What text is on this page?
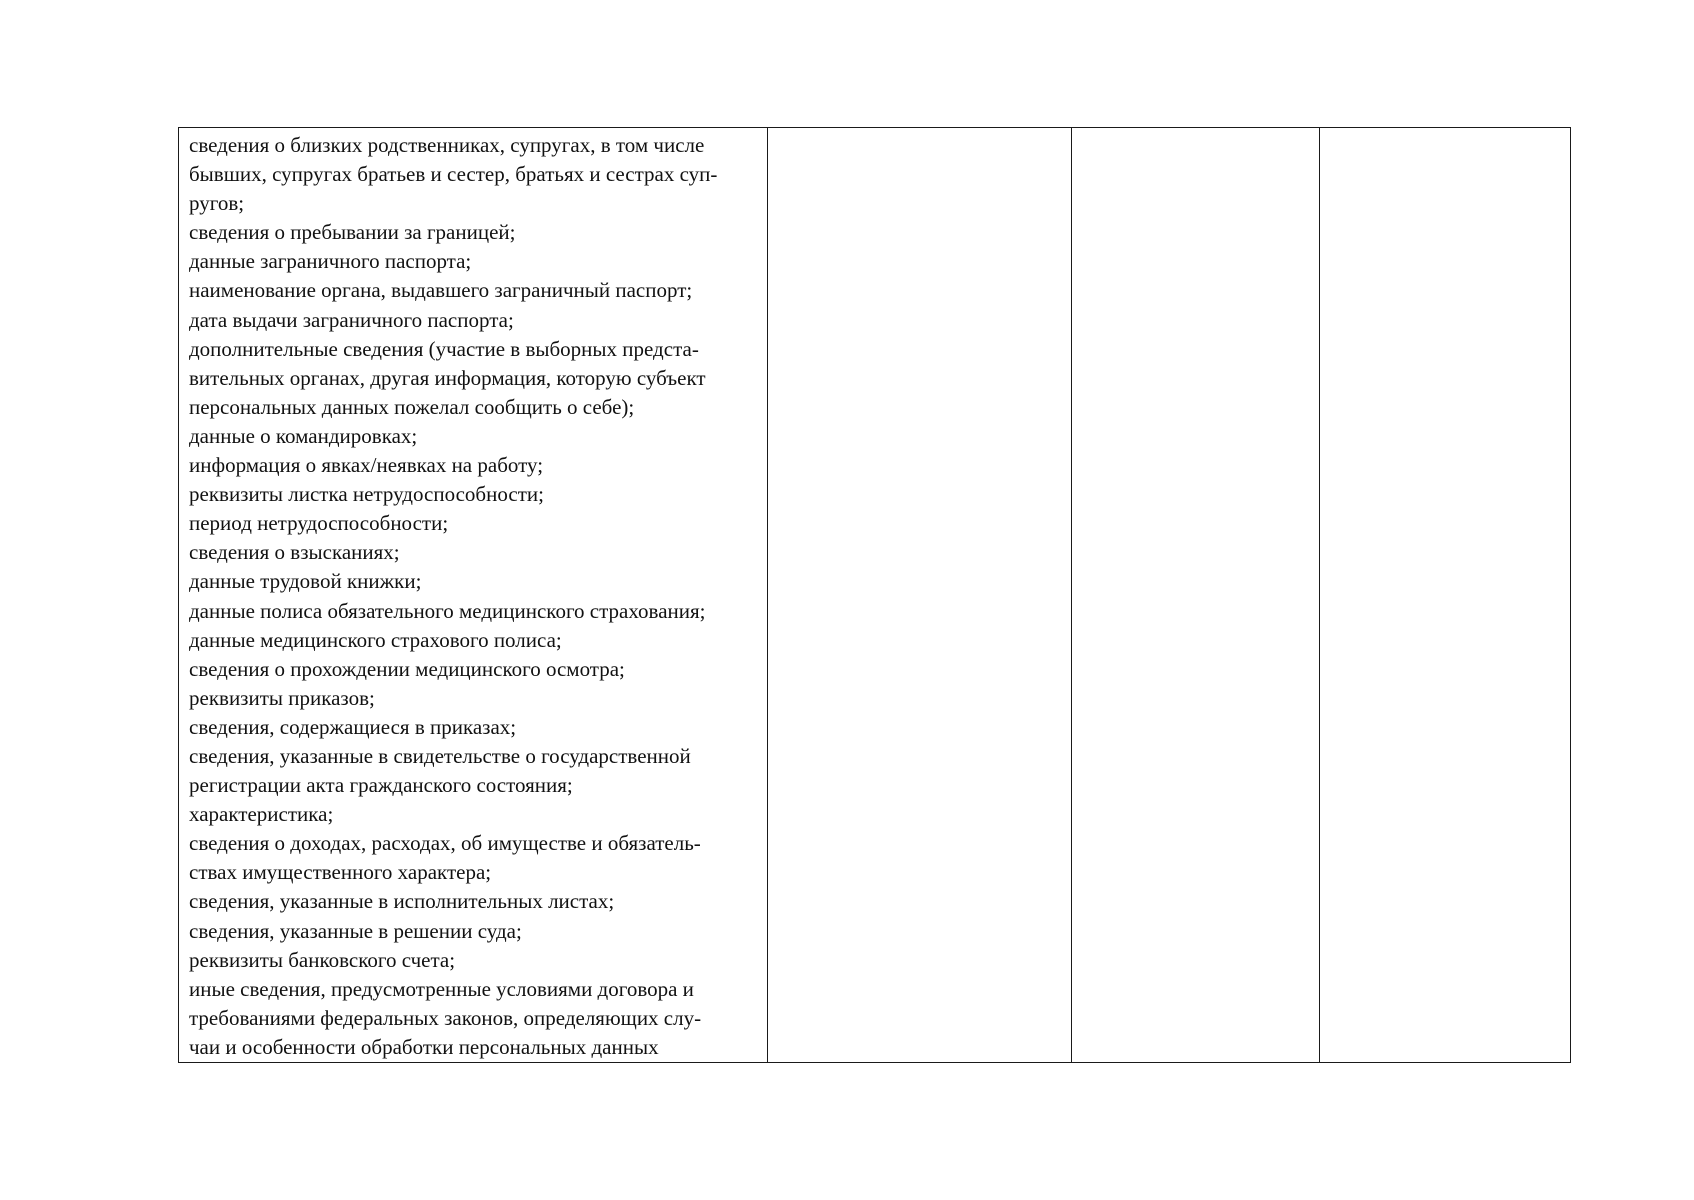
сведения о близких родственниках, супругах, в том числе
бывших, супругах братьев и сестер, братьях и сестрах суп-
ругов;
сведения о пребывании за границей;
данные заграничного паспорта;
наименование органа, выдавшего заграничный паспорт;
дата выдачи заграничного паспорта;
дополнительные сведения (участие в выборных предста-
вительных органах, другая информация, которую субъект
персональных данных пожелал сообщить о себе);
данные о командировках;
информация о явках/неявках на работу;
реквизиты листка нетрудоспособности;
период нетрудоспособности;
сведения о взысканиях;
данные трудовой книжки;
данные полиса обязательного медицинского страхования;
данные медицинского страхового полиса;
сведения о прохождении медицинского осмотра;
реквизиты приказов;
сведения, содержащиеся в приказах;
сведения, указанные в свидетельстве о государственной
регистрации акта гражданского состояния;
характеристика;
сведения о доходах, расходах, об имуществе и обязатель-
ствах имущественного характера;
сведения, указанные в исполнительных листах;
сведения, указанные в решении суда;
реквизиты банковского счета;
иные сведения, предусмотренные условиями договора и
требованиями федеральных законов, определяющих слу-
чаи и особенности обработки персональных данных
